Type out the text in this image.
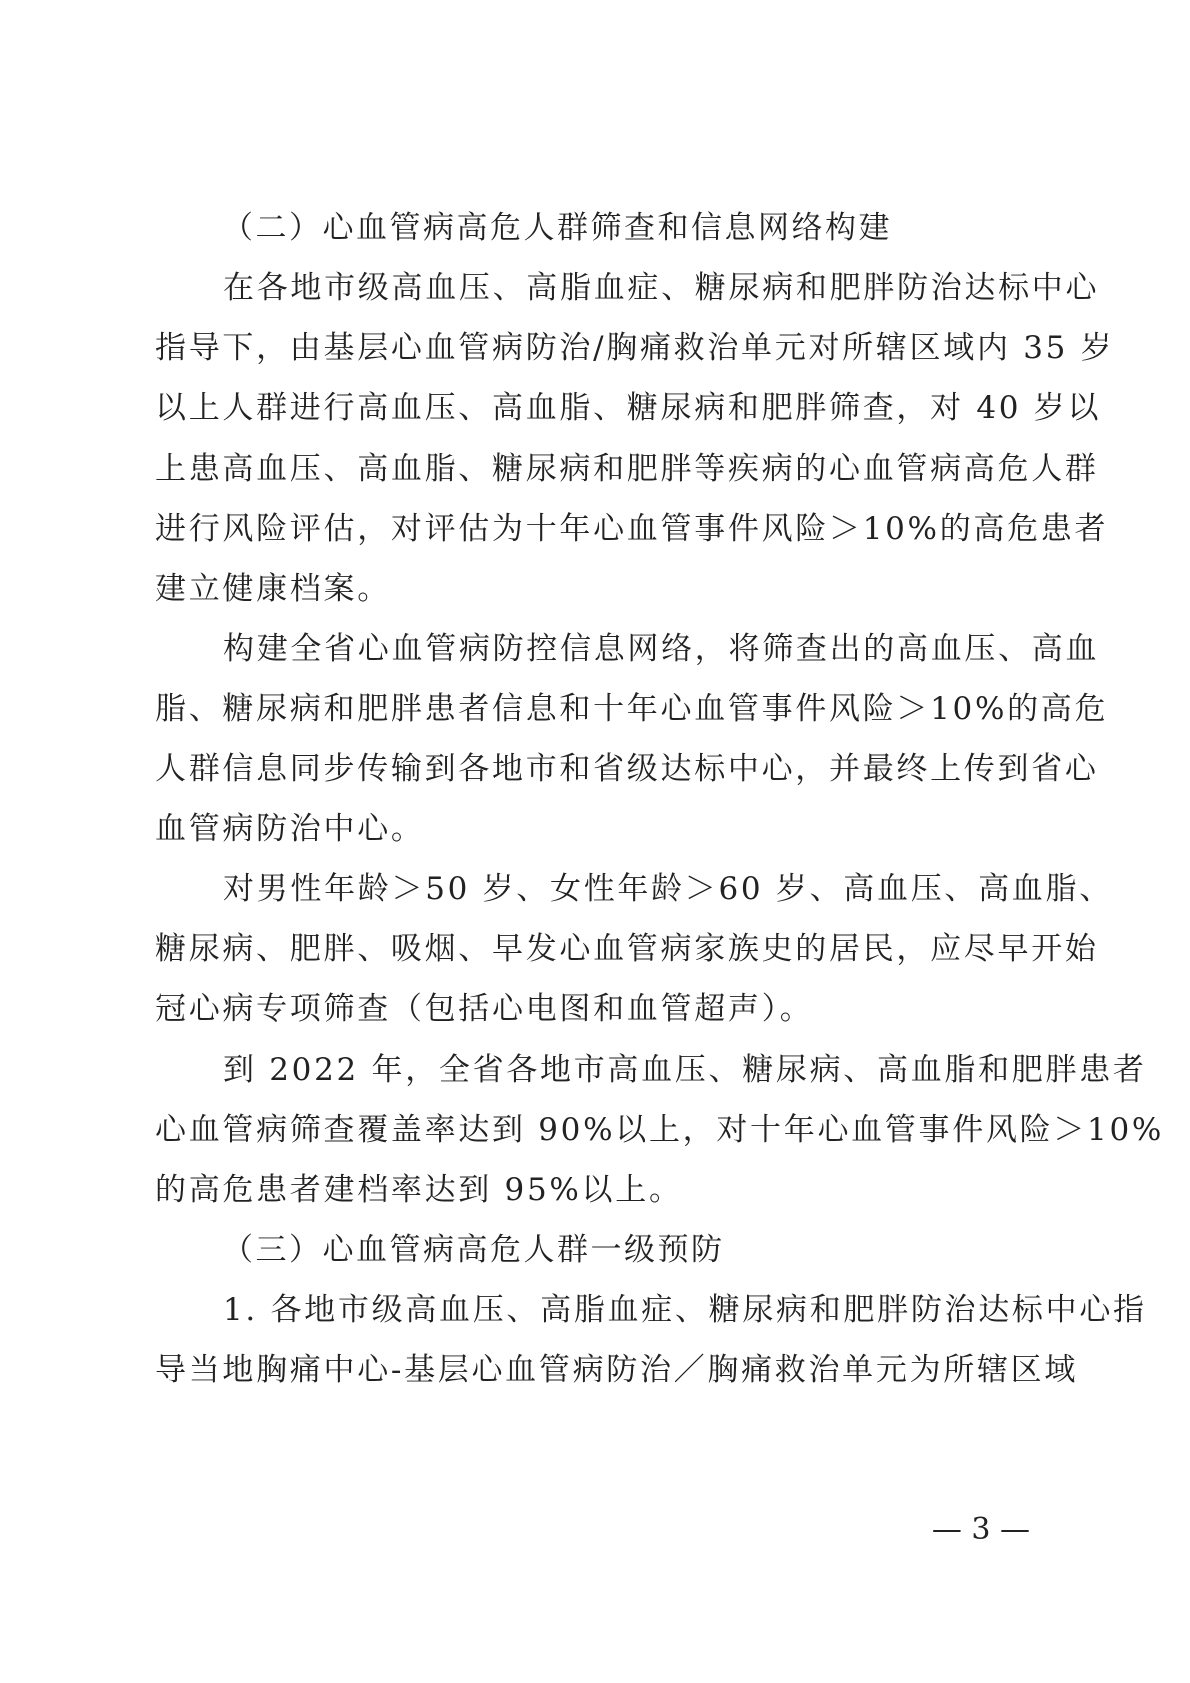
（二）心血管病高危人群筛查和信息网络构建

在各地市级高血压、高脂血症、糖尿病和肥胖防治达标中心

指导下，由基层心血管病防治/胸痛救治单元对所辖区域内 35 岁

以上人群进行高血压、高血脂、糖尿病和肥胖筛查，对 40 岁以

上患高血压、高血脂、糖尿病和肥胖等疾病的心血管病高危人群

进行风险评估，对评估为十年心血管事件风险＞10%的高危患者

建立健康档案。

构建全省心血管病防控信息网络，将筛查出的高血压、高血

脂、糖尿病和肥胖患者信息和十年心血管事件风险＞10%的高危

人群信息同步传输到各地市和省级达标中心，并最终上传到省心

血管病防治中心。

对男性年龄＞50 岁、女性年龄＞60 岁、高血压、高血脂、

糖尿病、肥胖、吸烟、早发心血管病家族史的居民，应尽早开始

冠心病专项筛查（包括心电图和血管超声）。

到 2022 年，全省各地市高血压、糖尿病、高血脂和肥胖患者

心血管病筛查覆盖率达到 90%以上，对十年心血管事件风险＞10%

的高危患者建档率达到 95%以上。

（三）心血管病高危人群一级预防

1. 各地市级高血压、高脂血症、糖尿病和肥胖防治达标中心指

导当地胸痛中心-基层心血管病防治／胸痛救治单元为所辖区域

— 3 —
